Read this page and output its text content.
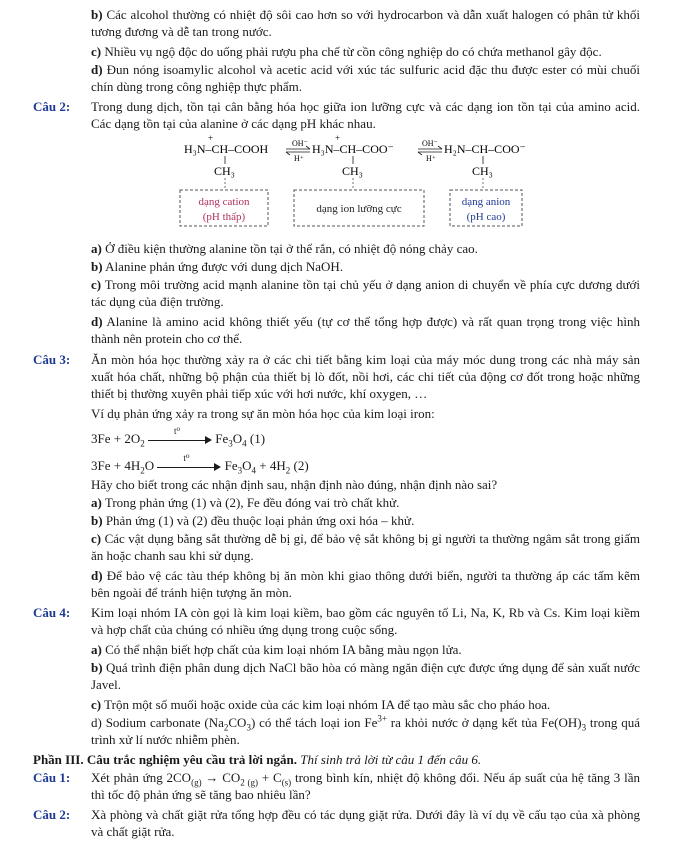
b) Các alcohol thường có nhiệt độ sôi cao hơn so với hydrocarbon và dẫn xuất halogen có phân tử khối tương đương và dễ tan trong nước.
c) Nhiều vụ ngộ độc do uống phải rượu pha chế từ cồn công nghiệp do có chứa methanol gây độc.
d) Đun nóng isoamylic alcohol và acetic acid với xúc tác sulfuric acid đặc thu được ester có mùi chuối chín dùng trong công nghiệp thực phẩm.
Câu 2:	Trong dung dịch, tồn tại cân bằng hóa học giữa ion lưỡng cực và các dạng ion tồn tại của amino acid. Các dạng tồn tại của alanine ở các dạng pH khác nhau.
+
H₃N–CH–COOH
CH₃
OH⁻
H⁺
+
H₃N–CH–COO⁻
CH₃
OH⁻
H⁺
H₂N–CH–COO⁻
CH₃
dạng cation
(pH thấp)
dạng ion lưỡng cực
dạng anion
(pH cao)
a) Ở điều kiện thường alanine tồn tại ở thể rắn, có nhiệt độ nóng chảy cao.
b) Alanine phản ứng được với dung dịch NaOH.
c) Trong môi trường acid mạnh alanine tồn tại chủ yếu ở dạng anion di chuyển về phía cực dương dưới tác dụng của điện trường.
d) Alanine là amino acid không thiết yếu (tự cơ thể tổng hợp được) và rất quan trọng trong việc hình thành nên protein cho cơ thể.
Câu 3:	Ăn mòn hóa học thường xảy ra ở các chi tiết bằng kim loại của máy móc dung trong các nhà máy sản xuất hóa chất, những bộ phận của thiết bị lò đốt, nồi hơi, các chi tiết của động cơ đốt trong hoặc những thiết bị thường xuyên phải tiếp xúc với hơi nước, khí oxygen, …
Ví dụ phản ứng xảy ra trong sự ăn mòn hóa học của kim loại iron:
$3Fe + 2O_2$
t⁰	$Fe_3O_4$ (1)
$3Fe + 4H_2O$	t⁰	$Fe_3O_4 + 4H_2$ (2)
Hãy cho biết trong các nhận định sau, nhận định nào đúng, nhận định nào sai?
a) Trong phản ứng (1) và (2), Fe đều đóng vai trò chất khử.
b) Phản ứng (1) và (2) đều thuộc loại phản ứng oxi hóa – khử.
c) Các vật dụng bằng sắt thường dễ bị gỉ, để bảo vệ sắt không bị gỉ người ta thường ngâm sắt trong giấm ăn hoặc chanh sau khi sử dụng.
d) Để bảo vệ các tàu thép không bị ăn mòn khi giao thông dưới biển, người ta thường áp các tấm kẽm bên ngoài để tránh hiện tượng ăn mòn.
Câu 4:	Kim loại nhóm IA còn gọi là kim loại kiềm, bao gồm các nguyên tố Li, Na, K, Rb và Cs. Kim loại kiềm và hợp chất của chúng có nhiều ứng dụng trong cuộc sống.
a) Có thể nhận biết hợp chất của kim loại nhóm IA bằng màu ngọn lửa.
b) Quá trình điện phân dung dịch NaCl bão hòa có màng ngăn điện cực được ứng dụng để sản xuất nước Javel.
c) Trộn một số muối hoặc oxide của các kim loại nhóm IA để tạo màu sắc cho pháo hoa.
d) Sodium carbonate $(Na_2CO_3)$ có thể tách loại ion $Fe^{3+}$ ra khỏi nước ở dạng kết tủa $Fe(OH)_3$ trong quá trình xử lí nước nhiễm phèn.
Phần III. Câu trắc nghiệm yêu cầu trả lời ngắn. Thí sinh trả lời từ câu 1 đến câu 6.
Câu 1:	Xét phản ứng $2CO_{(g)} \to CO_{2 (g)} + C_{(s)}$ trong bình kín, nhiệt độ không đổi. Nếu áp suất của hệ tăng 3 lần thì tốc độ phản ứng sẽ tăng bao nhiêu lần?
Câu 2:	Xà phòng và chất giặt rửa tổng hợp đều có tác dụng giặt rửa. Dưới đây là ví dụ về cấu tạo của xà phòng và chất giặt rửa.
